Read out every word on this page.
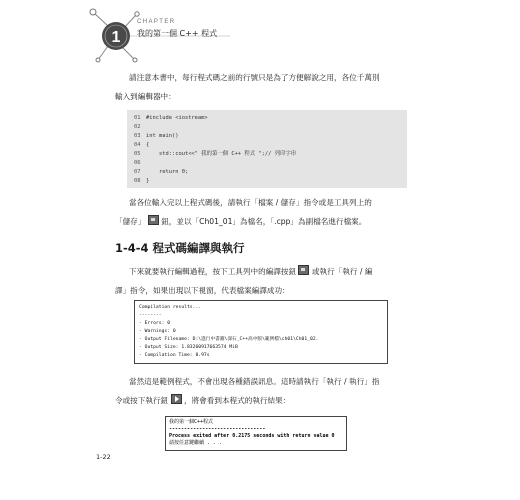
1
CHAPTER
我的第一個 C++ 程式
請注意本書中，每行程式碼之前的行號只是為了方便解說之用，各位千萬別
輸入到編輯器中：
01 #include <iostream>
02
03 int main()
04 {
05 std::cout<<" 我的第一個 C++ 程式 ";// 列印字串
06
07 return 0;
08 }
當各位輸入完以上程式碼後，請執行「檔案 / 儲存」指令或是工具列上的
「儲存」 鈕，並以「Ch01_01」為檔名，「.cpp」為副檔名進行檔案。
1-4-4 程式碼編譯與執行
下來就要執行編輯過程，按下工具列中的編譯按鈕 或執行「執行 / 編
譯」指令，如果出現以下視窗，代表檔案編譯成功：
Compilation results...
--------
- Errors: 0
- Warnings: 0
- Output Filename: D:\進行中書籍\深石_C++高中版\範例檔\ch01\Ch01_02.
- Output Size: 1.83260917663574 MiB
- Compilation Time: 0.97s
當然這是範例程式，不會出現各種錯誤訊息。這時請執行「執行 / 執行」指
令或按下執行鈕 ，將會看到本程式的執行結果：
我的第一個C++程式
--------------------------------
Process exited after 0.2175 seconds with return value 0
請按任意鍵繼續 . . .
1-22
